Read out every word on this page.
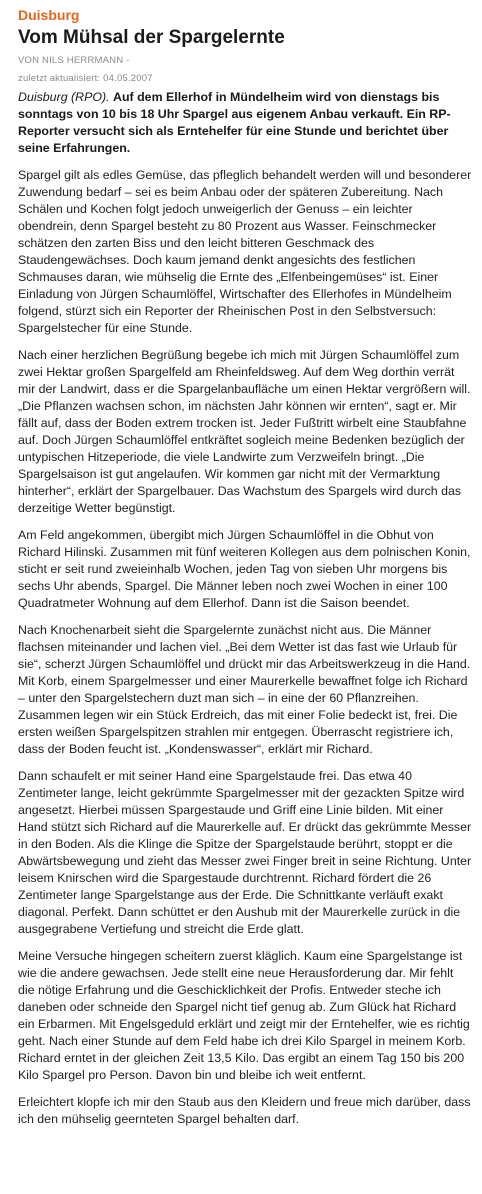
Duisburg
Vom Mühsal der Spargelernte
VON NILS HERRMANN -
zuletzt aktualisiert: 04.05.2007

Duisburg (RPO). Auf dem Ellerhof in Mündelheim wird von dienstags bis sonntags von 10 bis 18 Uhr Spargel aus eigenem Anbau verkauft. Ein RP-Reporter versucht sich als Erntehelfer für eine Stunde und berichtet über seine Erfahrungen.

Spargel gilt als edles Gemüse, das pfleglich behandelt werden will und besonderer Zuwendung bedarf – sei es beim Anbau oder der späteren Zubereitung. Nach Schälen und Kochen folgt jedoch unweigerlich der Genuss – ein leichter obendrein, denn Spargel besteht zu 80 Prozent aus Wasser. Feinschmecker schätzen den zarten Biss und den leicht bitteren Geschmack des Staudengewächses. Doch kaum jemand denkt angesichts des festlichen Schmauses daran, wie mühselig die Ernte des „Elfenbeingemüses“ ist. Einer Einladung von Jürgen Schaumlöffel, Wirtschafter des Ellerhofes in Mündelheim folgend, stürzt sich ein Reporter der Rheinischen Post in den Selbstversuch: Spargelstecher für eine Stunde.

Nach einer herzlichen Begrüßung begebe ich mich mit Jürgen Schaumlöffel zum zwei Hektar großen Spargelfeld am Rheinfeldsweg. Auf dem Weg dorthin verrät mir der Landwirt, dass er die Spargelanbaufläche um einen Hektar vergrößern will. „Die Pflanzen wachsen schon, im nächsten Jahr können wir ernten“, sagt er. Mir fällt auf, dass der Boden extrem trocken ist. Jeder Fußtritt wirbelt eine Staubfahne auf. Doch Jürgen Schaumlöffel entkräftet sogleich meine Bedenken bezüglich der untypischen Hitzeperiode, die viele Landwirte zum Verzweifeln bringt. „Die Spargelsaison ist gut angelaufen. Wir kommen gar nicht mit der Vermarktung hinterher“, erklärt der Spargelbauer. Das Wachstum des Spargels wird durch das derzeitige Wetter begünstigt.

Am Feld angekommen, übergibt mich Jürgen Schaumlöffel in die Obhut von Richard Hilinski. Zusammen mit fünf weiteren Kollegen aus dem polnischen Konin, sticht er seit rund zweieinhalb Wochen, jeden Tag von sieben Uhr morgens bis sechs Uhr abends, Spargel. Die Männer leben noch zwei Wochen in einer 100 Quadratmeter Wohnung auf dem Ellerhof. Dann ist die Saison beendet.

Nach Knochenarbeit sieht die Spargelernte zunächst nicht aus. Die Männer flachsen miteinander und lachen viel. „Bei dem Wetter ist das fast wie Urlaub für sie“, scherzt Jürgen Schaumlöffel und drückt mir das Arbeitswerkzeug in die Hand. Mit Korb, einem Spargelmesser und einer Maurerkelle bewaffnet folge ich Richard – unter den Spargelstechern duzt man sich – in eine der 60 Pflanzreihen. Zusammen legen wir ein Stück Erdreich, das mit einer Folie bedeckt ist, frei. Die ersten weißen Spargelspitzen strahlen mir entgegen. Überrascht registriere ich, dass der Boden feucht ist. „Kondenswasser“, erklärt mir Richard.

Dann schaufelt er mit seiner Hand eine Spargelstaude frei. Das etwa 40 Zentimeter lange, leicht gekrümmte Spargelmesser mit der gezackten Spitze wird angesetzt. Hierbei müssen Spargestaude und Griff eine Linie bilden. Mit einer Hand stützt sich Richard auf die Maurerkelle auf. Er drückt das gekrümmte Messer in den Boden. Als die Klinge die Spitze der Spargelstaude berührt, stoppt er die Abwärtsbewegung und zieht das Messer zwei Finger breit in seine Richtung. Unter leisem Knirschen wird die Spargestaude durchtrennt. Richard fördert die 26 Zentimeter lange Spargelstange aus der Erde. Die Schnittkante verläuft exakt diagonal. Perfekt. Dann schüttet er den Aushub mit der Maurerkelle zurück in die ausgegrabene Vertiefung und streicht die Erde glatt.

Meine Versuche hingegen scheitern zuerst kläglich. Kaum eine Spargelstange ist wie die andere gewachsen. Jede stellt eine neue Herausforderung dar. Mir fehlt die nötige Erfahrung und die Geschicklichkeit der Profis. Entweder steche ich daneben oder schneide den Spargel nicht tief genug ab. Zum Glück hat Richard ein Erbarmen. Mit Engelsgeduld erklärt und zeigt mir der Erntehelfer, wie es richtig geht. Nach einer Stunde auf dem Feld habe ich drei Kilo Spargel in meinem Korb. Richard erntet in der gleichen Zeit 13,5 Kilo. Das ergibt an einem Tag 150 bis 200 Kilo Spargel pro Person. Davon bin und bleibe ich weit entfernt.

Erleichtert klopfe ich mir den Staub aus den Kleidern und freue mich darüber, dass ich den mühselig geernteten Spargel behalten darf.
